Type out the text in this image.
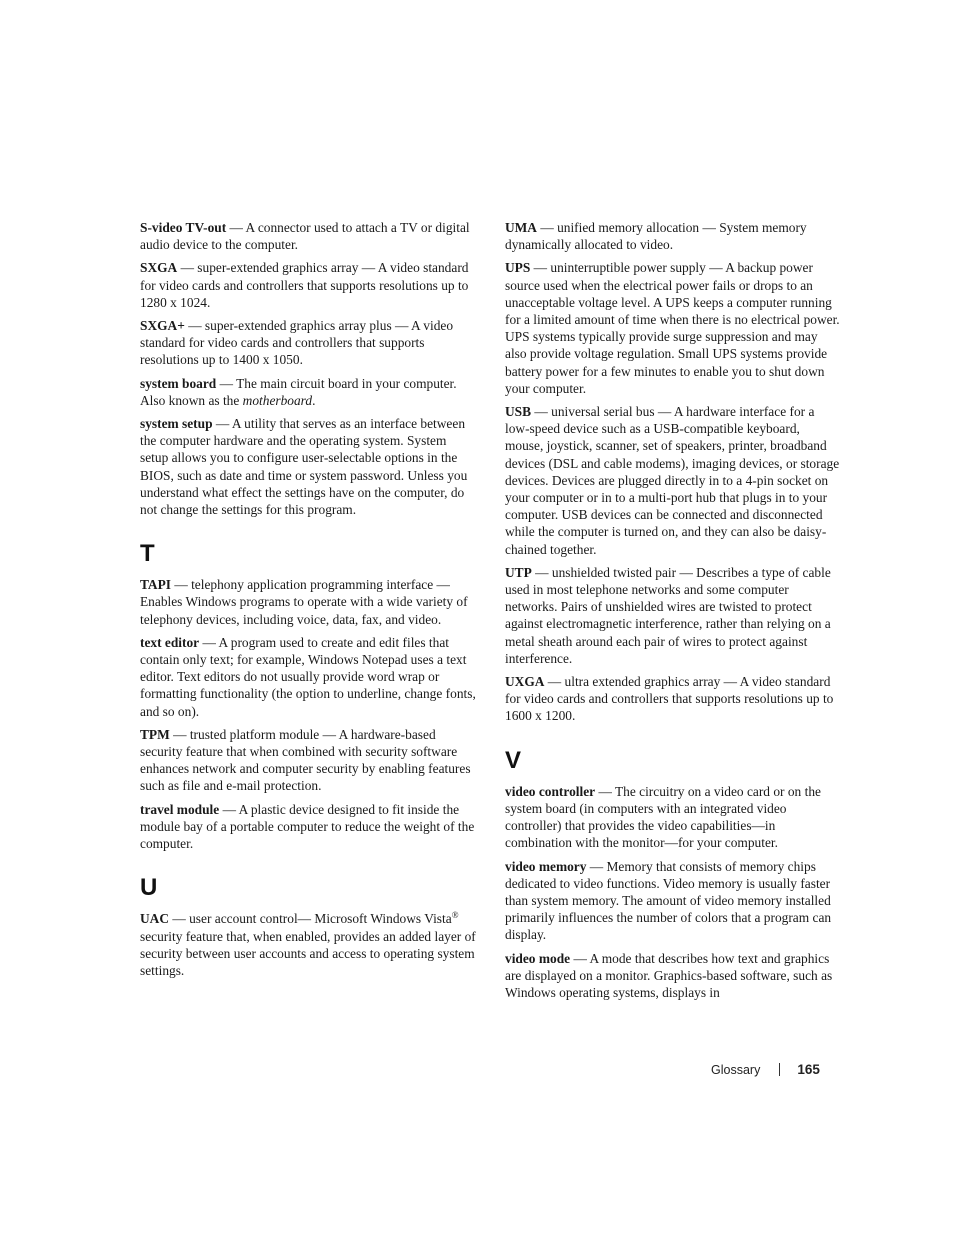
S-video TV-out — A connector used to attach a TV or digital audio device to the computer.

SXGA — super-extended graphics array — A video standard for video cards and controllers that supports resolutions up to 1280 x 1024.

SXGA+ — super-extended graphics array plus — A video standard for video cards and controllers that supports resolutions up to 1400 x 1050.

system board — The main circuit board in your computer. Also known as the motherboard.

system setup — A utility that serves as an interface between the computer hardware and the operating system. System setup allows you to configure user-selectable options in the BIOS, such as date and time or system password. Unless you understand what effect the settings have on the computer, do not change the settings for this program.

T

TAPI — telephony application programming interface — Enables Windows programs to operate with a wide variety of telephony devices, including voice, data, fax, and video.

text editor — A program used to create and edit files that contain only text; for example, Windows Notepad uses a text editor. Text editors do not usually provide word wrap or formatting functionality (the option to underline, change fonts, and so on).

TPM — trusted platform module — A hardware-based security feature that when combined with security software enhances network and computer security by enabling features such as file and e-mail protection.

travel module — A plastic device designed to fit inside the module bay of a portable computer to reduce the weight of the computer.

U

UAC — user account control— Microsoft Windows Vista® security feature that, when enabled, provides an added layer of security between user accounts and access to operating system settings.

UMA — unified memory allocation — System memory dynamically allocated to video.

UPS — uninterruptible power supply — A backup power source used when the electrical power fails or drops to an unacceptable voltage level. A UPS keeps a computer running for a limited amount of time when there is no electrical power. UPS systems typically provide surge suppression and may also provide voltage regulation. Small UPS systems provide battery power for a few minutes to enable you to shut down your computer.

USB — universal serial bus — A hardware interface for a low-speed device such as a USB-compatible keyboard, mouse, joystick, scanner, set of speakers, printer, broadband devices (DSL and cable modems), imaging devices, or storage devices. Devices are plugged directly in to a 4-pin socket on your computer or in to a multi-port hub that plugs in to your computer. USB devices can be connected and disconnected while the computer is turned on, and they can also be daisy-chained together.

UTP — unshielded twisted pair — Describes a type of cable used in most telephone networks and some computer networks. Pairs of unshielded wires are twisted to protect against electromagnetic interference, rather than relying on a metal sheath around each pair of wires to protect against interference.

UXGA — ultra extended graphics array — A video standard for video cards and controllers that supports resolutions up to 1600 x 1200.

V

video controller — The circuitry on a video card or on the system board (in computers with an integrated video controller) that provides the video capabilities—in combination with the monitor—for your computer.

video memory — Memory that consists of memory chips dedicated to video functions. Video memory is usually faster than system memory. The amount of video memory installed primarily influences the number of colors that a program can display.

video mode — A mode that describes how text and graphics are displayed on a monitor. Graphics-based software, such as Windows operating systems, displays in

Glossary	165
